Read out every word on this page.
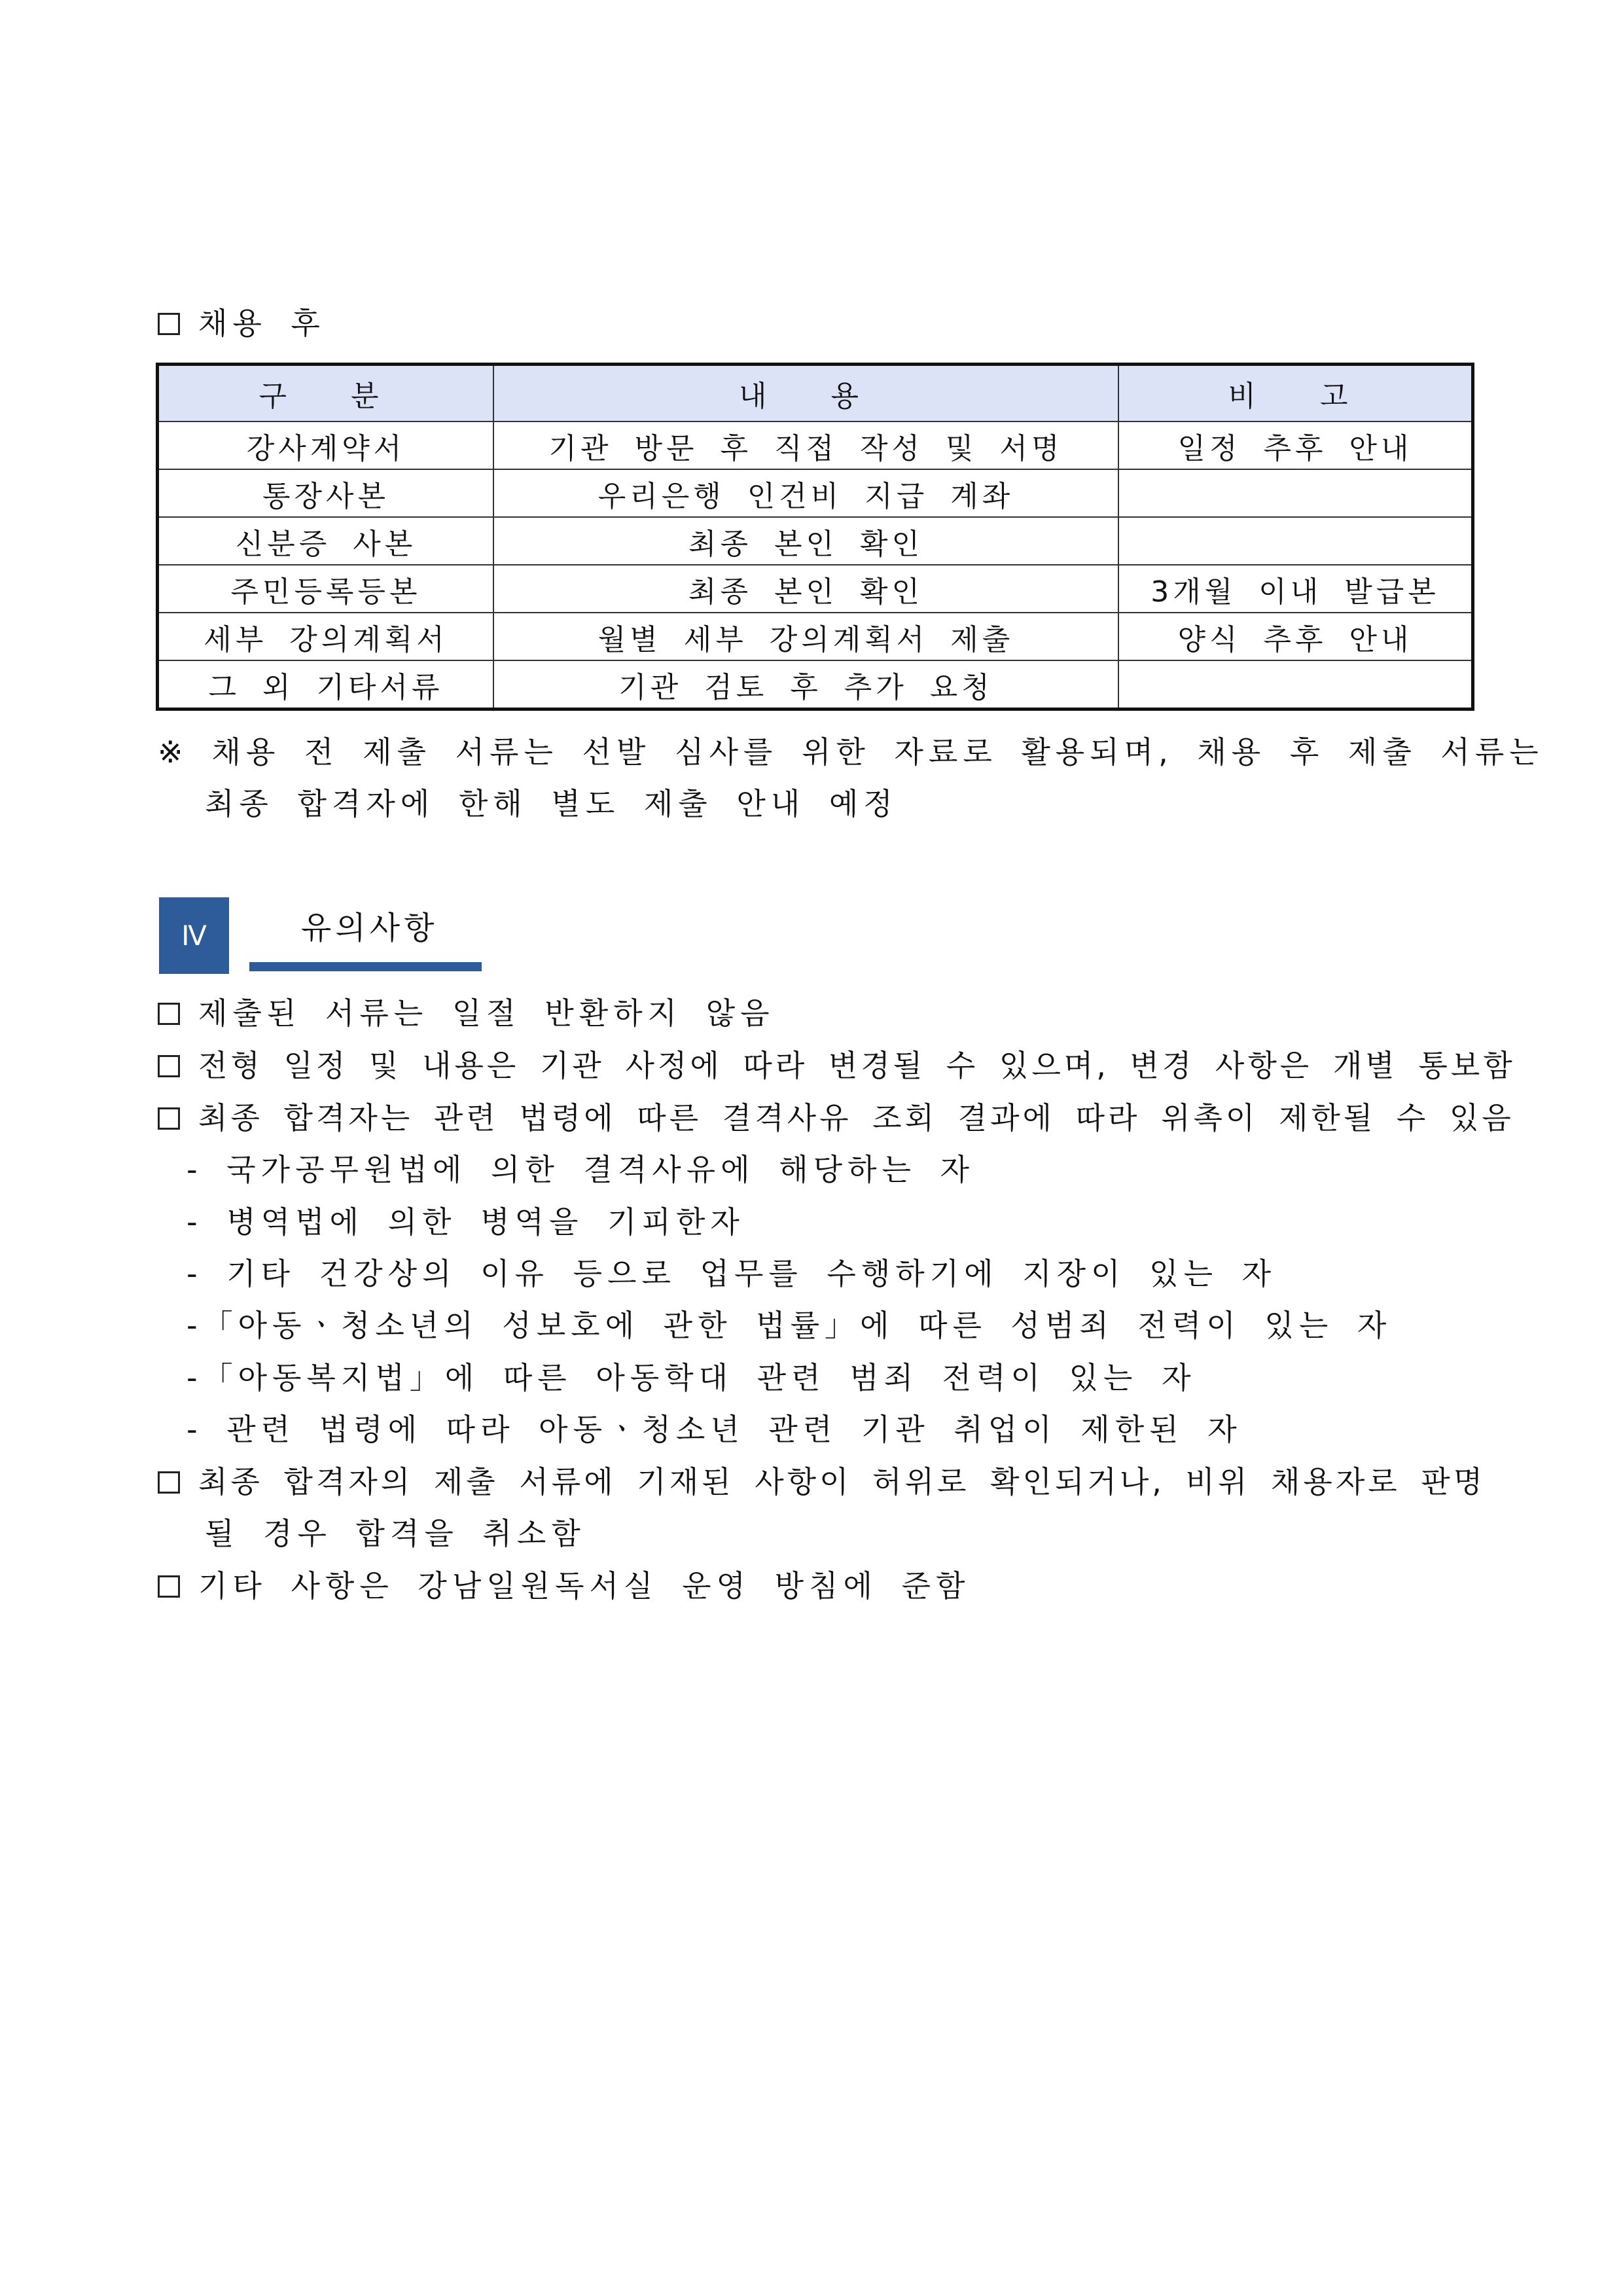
채용 후
구 분	내 용	비 고
강사계약서	기관 방문 후 직접 작성 및 서명	일정 추후 안내
통장사본	우리은행 인건비 지급 계좌	
신분증 사본	최종 본인 확인	
주민등록등본	최종 본인 확인	3개월 이내 발급본
세부 강의계획서	월별 세부 강의계획서 제출	양식 추후 안내
그 외 기타서류	기관 검토 후 추가 요청	
※ 채용 전 제출 서류는 선발 심사를 위한 자료로 활용되며, 채용 후 제출 서류는
최종 합격자에 한해 별도 제출 안내 예정
Ⅳ	유의사항
제출된 서류는 일절 반환하지 않음
전형 일정 및 내용은 기관 사정에 따라 변경될 수 있으며, 변경 사항은 개별 통보함
최종 합격자는 관련 법령에 따른 결격사유 조회 결과에 따라 위촉이 제한될 수 있음
- 국가공무원법에 의한 결격사유에 해당하는 자
- 병역법에 의한 병역을 기피한자
- 기타 건강상의 이유 등으로 업무를 수행하기에 지장이 있는 자
-「아동ㆍ청소년의 성보호에 관한 법률」에 따른 성범죄 전력이 있는 자
-「아동복지법」에 따른 아동학대 관련 범죄 전력이 있는 자
- 관련 법령에 따라 아동ㆍ청소년 관련 기관 취업이 제한된 자
최종 합격자의 제출 서류에 기재된 사항이 허위로 확인되거나, 비위 채용자로 판명
될 경우 합격을 취소함
기타 사항은 강남일원독서실 운영 방침에 준함
